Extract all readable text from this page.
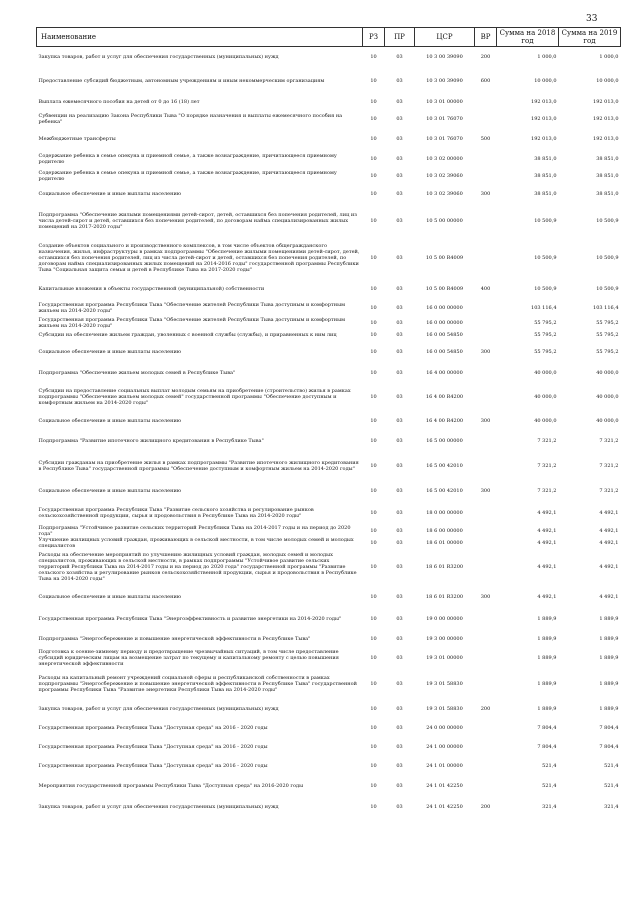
33
Наименование	РЗ	ПР	ЦСР	ВР	Сумма на 2018 год	Сумма на 2019 год
Закупка товаров, работ и услуг для обеспечения государственных (муниципальных) нужд	10	03	10 3 00 39090	200	1 000,0	1 000,0
Предоставление субсидий бюджетным, автономным учреждениям и иным некоммерческим организациям	10	03	10 3 00 39090	600	10 000,0	10 000,0
Выплата ежемесячного пособия на детей от 0 до 16 (18) лет	10	03	10 3 01 00000		192 013,0	192 013,0
Субвенции на реализацию Закона Республики Тыва "О порядке назначения и выплаты ежемесячного пособия на ребенка"	10	03	10 3 01 76070		192 013,0	192 013,0
Межбюджетные трансферты	10	03	10 3 01 76070	500	192 013,0	192 013,0
Содержание ребенка в семье опекуна и приемной семье, а также вознаграждение, причитающееся приемному родителю	10	03	10 3 02 00000		38 851,0	38 851,0
Содержание ребенка в семье опекуна и приемной семье, а также вознаграждение, причитающееся приемному родителю	10	03	10 3 02 39060		38 851,0	38 851,0
Социальное обеспечение и иные выплаты населению	10	03	10 3 02 39060	300	38 851,0	38 851,0
Подпрограмма "Обеспечение жилыми помещениями детей-сирот, детей, оставшихся без попечения родителей, лиц из числа детей-сирот и детей, оставшихся без попечения родителей, по договорам найма специализированных жилых помещений на 2017-2020 годы"	10	03	10 5 00 00000		10 500,9	10 500,9
Создание объектов социального и производственного комплексов, в том числе объектов общегражданского назначения, жилья, инфраструктуры в рамках подпрограммы "Обеспечение жилыми помещениями детей-сирот, детей, оставшихся без попечения родителей, лиц из числа детей-сирот и детей, оставшихся без попечения родителей, по договорам найма специализированных жилых помещений на 2014-2016 годы" государственной программы Республики Тыва "Социальная защита семьи и детей в Республике Тыва на 2017-2020 годы"	10	03	10 5 00 R4009		10 500,9	10 500,9
Капитальные вложения в объекты государственной (муниципальной) собственности	10	03	10 5 00 R4009	400	10 500,9	10 500,9
Государственная программа Республики Тыва "Обеспечение жителей Республики Тыва доступным и комфортным жильем на 2014-2020 годы"	10	03	16 0 00 00000		103 116,4	103 116,4
Государственная программа Республики Тыва "Обеспечение жителей Республики Тыва доступным и комфортным жильем на 2014-2020 годы"	10	03	16 0 00 00000		55 795,2	55 795,2
Субсидии на обеспечение жильем граждан, уволенных с военной службы (службы), и приравненных к ним лиц	10	03	16 0 00 54850		55 795,2	55 795,2
Социальное обеспечение и иные выплаты населению	10	03	16 0 00 54850	300	55 795,2	55 795,2
Подпрограмма "Обеспечение жильем молодых семей в Республике Тыва"	10	03	16 4 00 00000		40 000,0	40 000,0
Субсидии на предоставление социальных выплат молодым семьям на приобретение (строительство) жилья в рамках подпрограммы "Обеспечение жильем молодых семей" государственной программы "Обеспечение доступным и комфортным жильем на 2014-2020 годы"	10	03	16 4 00 R4200		40 000,0	40 000,0
Социальное обеспечение и иные выплаты населению	10	03	16 4 00 R4200	300	40 000,0	40 000,0
Подпрограмма "Развитие ипотечного жилищного кредитования в Республике Тыва"	10	03	16 5 00 00000		7 321,2	7 321,2
Субсидии гражданам на приобретение жилья в рамках подпрограммы "Развитие ипотечного жилищного кредитования в Республике Тыва" государственной программы "Обеспечение доступным и комфортным жильем на 2014-2020 годы"	10	03	16 5 00 42010		7 321,2	7 321,2
Социальное обеспечение и иные выплаты населению	10	03	16 5 00 42010	300	7 321,2	7 321,2
Государственная программа Республики Тыва "Развитие сельского хозяйства и регулирование рынков сельскохозяйственной продукции, сырья и продовольствия в Республике Тыва на 2014-2020 годы"	10	03	18 0 00 00000		4 492,1	4 492,1
Подпрограмма "Устойчивое развитие сельских территорий Республики Тыва на 2014-2017 годы и на период до 2020 года"	10	03	18 6 00 00000		4 492,1	4 492,1
Улучшение жилищных условий граждан, проживающих в сельской местности, в том числе молодых семей и молодых специалистов	10	03	18 6 01 00000		4 492,1	4 492,1
Расходы на обеспечение мероприятий по улучшению жилищных условий граждан, молодых семей и молодых специалистов, проживающих в сельской местности, в рамках подпрограммы "Устойчивое развитие сельских территорий Республики Тыва на 2014-2017 годы и на период до 2020 года" государственной программы "Развитие сельского хозяйства и регулирование рынков сельскохозяйственной продукции, сырья и продовольствия в Республике Тыва на 2014-2020 годы"	10	03	18 6 01 R3200		4 492,1	4 492,1
Социальное обеспечение и иные выплаты населению	10	03	18 6 01 R3200	300	4 492,1	4 492,1
Государственная программа Республики Тыва "Энергоэффективность и развитие энергетики на 2014-2020 годы"	10	03	19 0 00 00000		1 889,9	1 889,9
Подпрограмма "Энергосбережение и повышение энергетической эффективности в Республике Тыва"	10	03	19 3 00 00000		1 889,9	1 889,9
Подготовка к осенне-зимнему периоду и предотвращение чрезвычайных ситуаций, в том числе предоставление субсидий юридическим лицам на возмещение затрат по текущему и капитальному ремонту с целью повышения энергетической эффективности	10	03	19 3 01 00000		1 889,9	1 889,9
Расходы на капитальный ремонт учреждений социальной сферы и республиканской собственности в рамках подпрограммы "Энергосбережение и повышение энергетической эффективности в Республике Тыва" государственной программы Республики Тыва "Развитие энергетики Республики Тыва на 2014-2020 годы"	10	03	19 3 01 58830		1 889,9	1 889,9
Закупка товаров, работ и услуг для обеспечения государственных (муниципальных) нужд	10	03	19 3 01 58830	200	1 889,9	1 889,9
Государственная программа Республики Тыва "Доступная среда" на 2016 - 2020 годы	10	03	24 0 00 00000		7 804,4	7 804,4
Государственная программа Республики Тыва "Доступная среда" на 2016 - 2020 годы	10	03	24 1 00 00000		7 804,4	7 804,4
Государственная программа Республики Тыва "Доступная среда" на 2016 - 2020 годы	10	03	24 1 01 00000		521,4	521,4
Мероприятия государственной программы Республики Тыва "Доступная среда" на 2016-2020 годы	10	03	24 1 01 42250		521,4	521,4
Закупка товаров, работ и услуг для обеспечения государственных (муниципальных) нужд	10	03	24 1 01 42250	200	321,4	321,4
